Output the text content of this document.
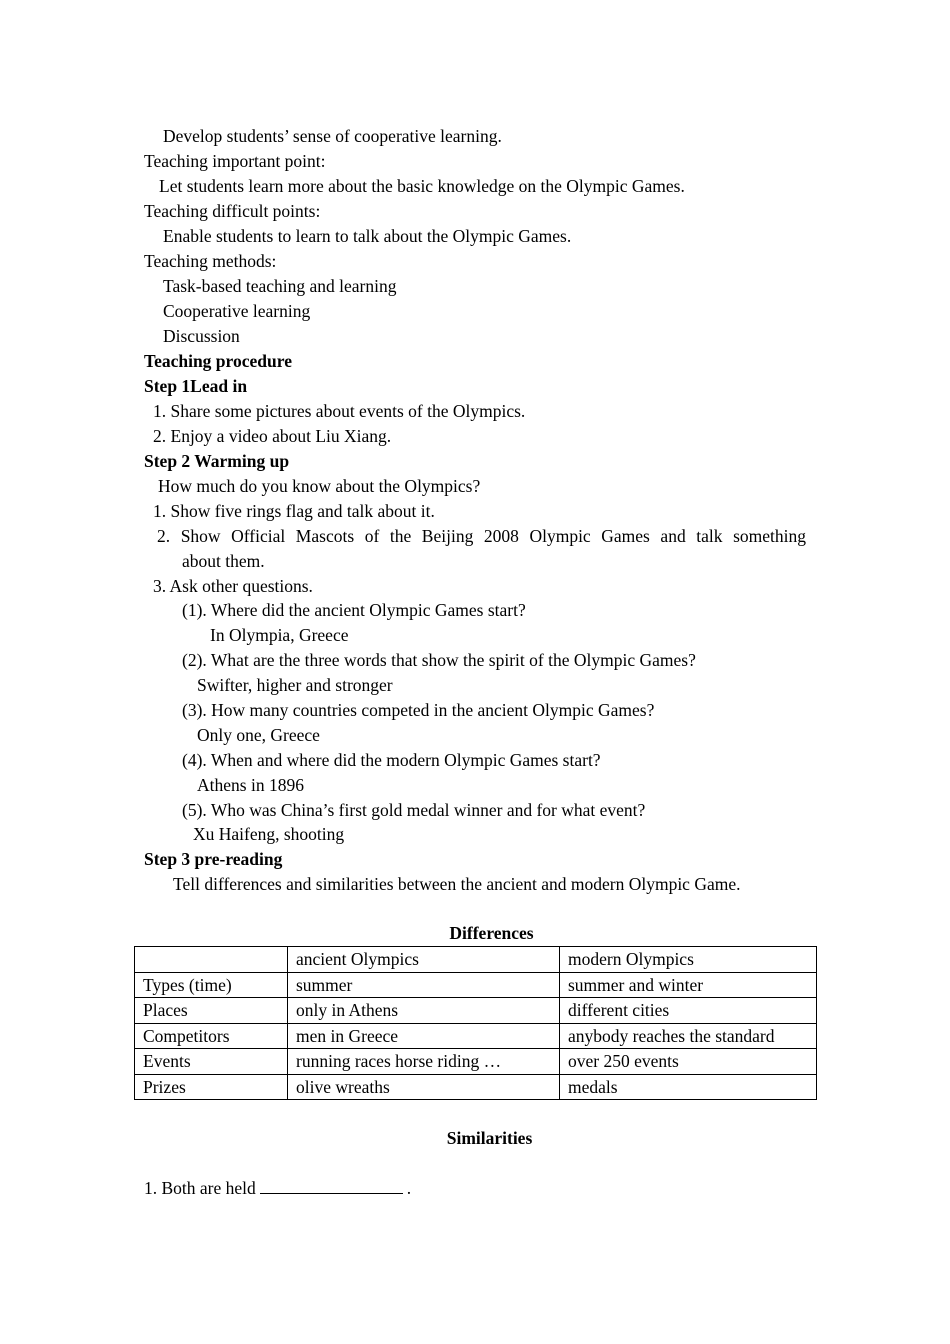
Develop students’ sense of cooperative learning.
Teaching important point:
Let students learn more about the basic knowledge on the Olympic Games.
Teaching difficult points:
Enable students to learn to talk about the Olympic Games.
Teaching methods:
Task-based teaching and learning
Cooperative learning
Discussion
Teaching procedure
Step 1Lead in
1. Share some pictures about events of the Olympics.
2. Enjoy a video about Liu Xiang.
Step 2 Warming up
How much do you know about the Olympics?
1. Show five rings flag and talk about it.
2. Show Official Mascots of the Beijing 2008 Olympic Games and talk something
about them.
3. Ask other questions.
(1). Where did the ancient Olympic Games start?
In Olympia, Greece
(2). What are the three words that show the spirit of the Olympic Games?
Swifter, higher and stronger
(3). How many countries competed in the ancient Olympic Games?
Only one, Greece
(4). When and where did the modern Olympic Games start?
Athens in 1896
(5). Who was China’s first gold medal winner and for what event?
Xu Haifeng, shooting
Step 3 pre-reading
Tell differences and similarities between the ancient and modern Olympic Game.
Differences
	ancient Olympics	modern Olympics
Types (time)	summer	summer and winter
Places	only in Athens	different cities
Competitors	men in Greece	anybody reaches the standard
Events	running races horse riding …	over 250 events
Prizes	olive wreaths	medals
Similarities
1. Both are held	.
